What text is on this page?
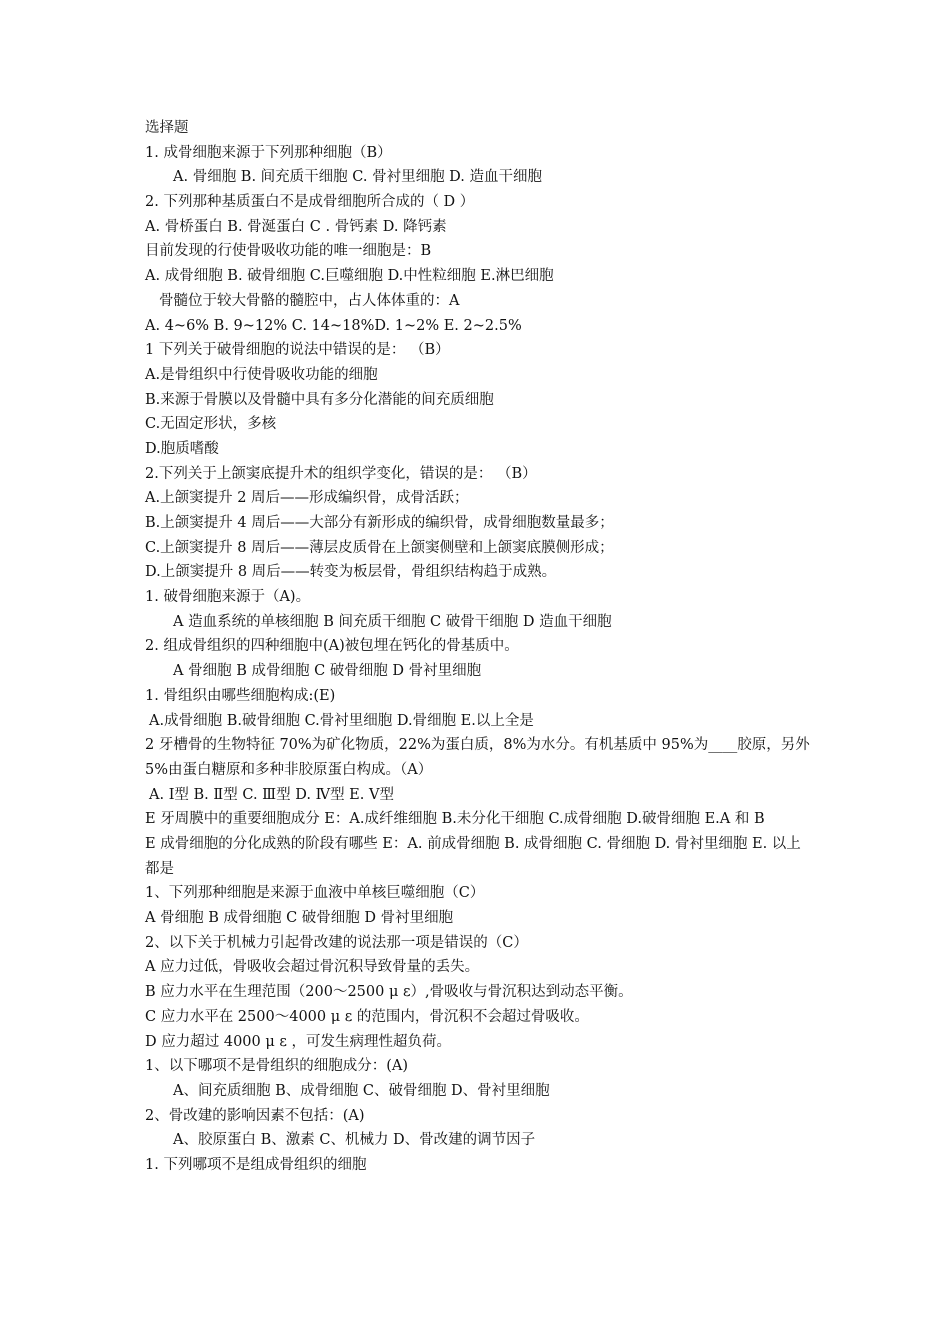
选择题
1. 成骨细胞来源于下列那种细胞（B）
A. 骨细胞 B. 间充质干细胞 C. 骨衬里细胞 D. 造血干细胞
2. 下列那种基质蛋白不是成骨细胞所合成的（ D ）
A. 骨桥蛋白 B. 骨涎蛋白 C . 骨钙素 D. 降钙素
目前发现的行使骨吸收功能的唯一细胞是：B
A. 成骨细胞 B. 破骨细胞 C.巨噬细胞 D.中性粒细胞 E.淋巴细胞
骨髓位于较大骨骼的髓腔中，占人体体重的：A
A. 4~6% B. 9~12% C. 14~18%D. 1~2% E. 2~2.5%
1 下列关于破骨细胞的说法中错误的是： （B）
A.是骨组织中行使骨吸收功能的细胞
B.来源于骨膜以及骨髓中具有多分化潜能的间充质细胞
C.无固定形状，多核
D.胞质嗜酸
2.下列关于上颌窦底提升术的组织学变化，错误的是： （B）
A.上颌窦提升 2 周后——形成编织骨，成骨活跃；
B.上颌窦提升 4 周后——大部分有新形成的编织骨，成骨细胞数量最多；
C.上颌窦提升 8 周后——薄层皮质骨在上颌窦侧壁和上颌窦底膜侧形成；
D.上颌窦提升 8 周后——转变为板层骨，骨组织结构趋于成熟。
1. 破骨细胞来源于（A)。
A 造血系统的单核细胞 B 间充质干细胞 C 破骨干细胞 D 造血干细胞
2. 组成骨组织的四种细胞中(A)被包埋在钙化的骨基质中。
A 骨细胞 B 成骨细胞 C 破骨细胞 D 骨衬里细胞
1. 骨组织由哪些细胞构成:(E)
A.成骨细胞 B.破骨细胞 C.骨衬里细胞 D.骨细胞 E.以上全是
2 牙槽骨的生物特征 70%为矿化物质，22%为蛋白质，8%为水分。有机基质中 95%为____胶原，另外 5%由蛋白糖原和多种非胶原蛋白构成。（A）
A. Ⅰ型 B. Ⅱ型 C. Ⅲ型 D. Ⅳ型 E. Ⅴ型
E 牙周膜中的重要细胞成分 E：A.成纤维细胞 B.未分化干细胞 C.成骨细胞 D.破骨细胞 E.A 和 B
E 成骨细胞的分化成熟的阶段有哪些 E：A. 前成骨细胞 B. 成骨细胞 C. 骨细胞 D. 骨衬里细胞 E. 以上都是
1、下列那种细胞是来源于血液中单核巨噬细胞（C）
A 骨细胞 B 成骨细胞 C 破骨细胞 D 骨衬里细胞
2、以下关于机械力引起骨改建的说法那一项是错误的（C）
A 应力过低，骨吸收会超过骨沉积导致骨量的丢失。
B 应力水平在生理范围（200～2500 μ ε）,骨吸收与骨沉积达到动态平衡。
C 应力水平在 2500～4000 μ ε 的范围内，骨沉积不会超过骨吸收。
D 应力超过 4000 μ ε ，可发生病理性超负荷。
1、以下哪项不是骨组织的细胞成分：(A)
A、间充质细胞 B、成骨细胞 C、破骨细胞 D、骨衬里细胞
2、骨改建的影响因素不包括：(A)
A、胶原蛋白 B、激素 C、机械力 D、骨改建的调节因子
1. 下列哪项不是组成骨组织的细胞
